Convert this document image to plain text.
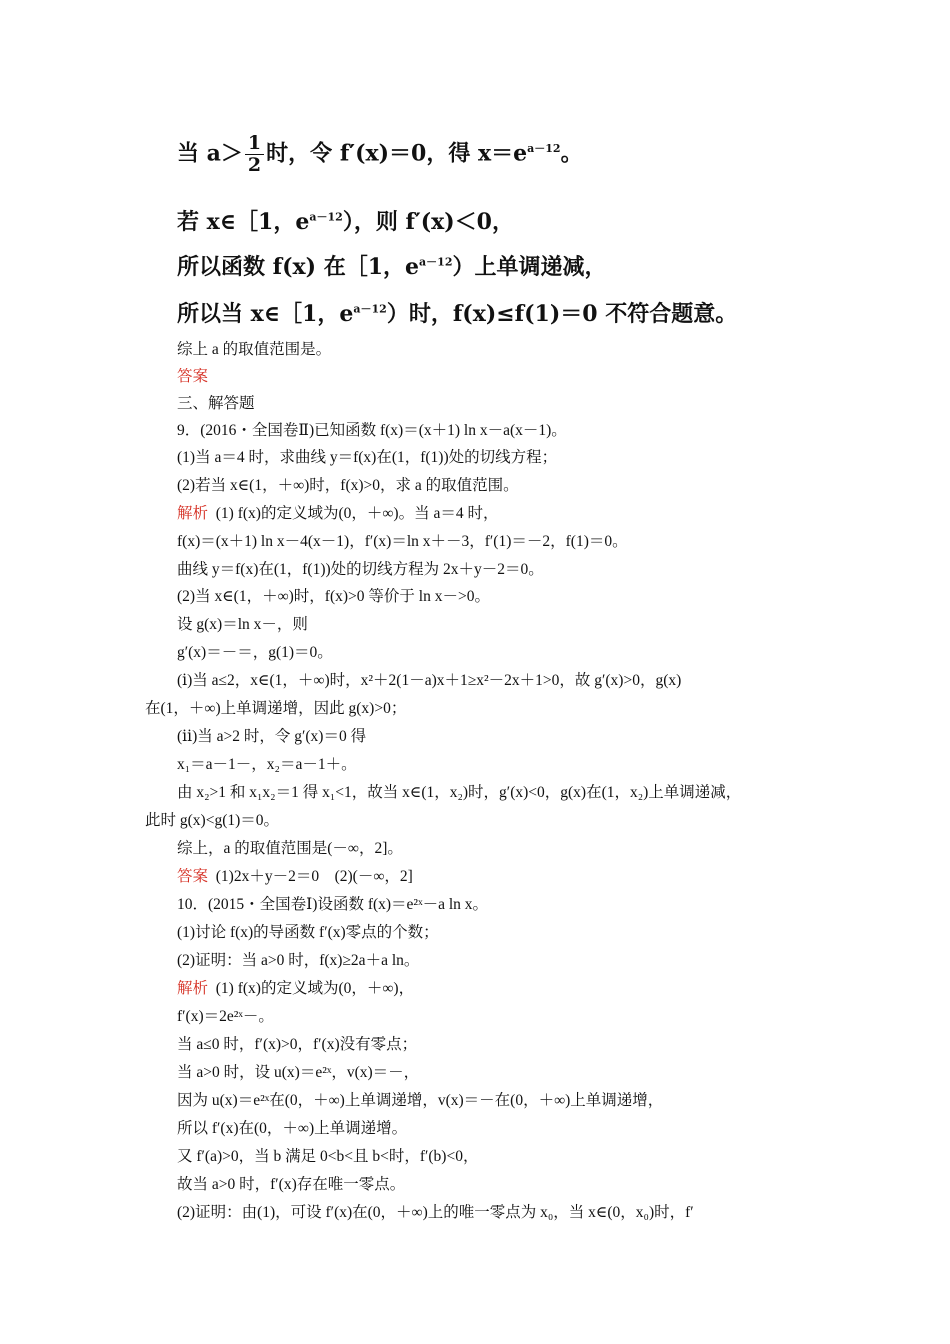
当 $a> \frac{1}{2}$ 时，令 f′(x)＝0，得 $x=e^{a-12}$。
若 x∈［1，$e^{a-12}$），则 f′(x)＜0，
所以函数 f(x) 在［1，$e^{a-12}$）上单调递减，
所以当 x∈［1，$e^{a-12}$）时，f(x)≤f(1)＝0 不符合题意。
综上 a 的取值范围是。
答案
三、解答题
9．(2016・全国卷Ⅱ)已知函数 f(x)＝(x＋1) ln x－a(x－1)。
(1)当 a＝4 时，求曲线 y＝f(x)在(1，f(1))处的切线方程；
(2)若当 x∈(1，＋∞)时，f(x)>0，求 a 的取值范围。
解析 (1) f(x)的定义域为(0，＋∞)。当 a＝4 时，
f(x)＝(x＋1) ln x－4(x－1)，f′(x)＝ln x＋－3，f′(1)＝－2，f(1)＝0。
曲线 y＝f(x)在(1，f(1))处的切线方程为 2x＋y－2＝0。
(2)当 x∈(1，＋∞)时，f(x)>0 等价于 ln x－>0。
设 g(x)＝ln x－，则
g′(x)＝－＝，g(1)＝0。
(ⅰ)当 a≤2，x∈(1，＋∞)时，x²＋2(1－a)x＋1≥x²－2x＋1>0，故 g′(x)>0，g(x)
在(1，＋∞)上单调递增，因此 g(x)>0；
(ⅱ)当 a>2 时，令 g′(x)＝0 得
x₁＝a－1－，x₂＝a－1＋。
由 x₂>1 和 x₁x₂＝1 得 x₁<1，故当 x∈(1，x₂)时，g′(x)<0，g(x)在(1，x₂)上单调递减，
此时 g(x)<g(1)＝0。
综上，a 的取值范围是(－∞，2]。
答案 (1)2x＋y－2＝0　(2)(－∞，2]
10．(2015・全国卷Ⅰ)设函数 f(x)＝e²ˣ－a ln x。
(1)讨论 f(x)的导函数 f′(x)零点的个数；
(2)证明：当 a>0 时，f(x)≥2a＋a ln。
解析 (1) f(x)的定义域为(0，＋∞)，
f′(x)＝2e²ˣ－。
当 a≤0 时，f′(x)>0，f′(x)没有零点；
当 a>0 时，设 u(x)＝e²ˣ，v(x)＝－，
因为 u(x)＝e²ˣ在(0，＋∞)上单调递增，v(x)＝－在(0，＋∞)上单调递增，
所以 f′(x)在(0，＋∞)上单调递增。
又 f′(a)>0，当 b 满足 0<b<且 b<时，f′(b)<0，
故当 a>0 时，f′(x)存在唯一零点。
(2)证明：由(1)，可设 f′(x)在(0，＋∞)上的唯一零点为 x₀，当 x∈(0，x₀)时，f′
